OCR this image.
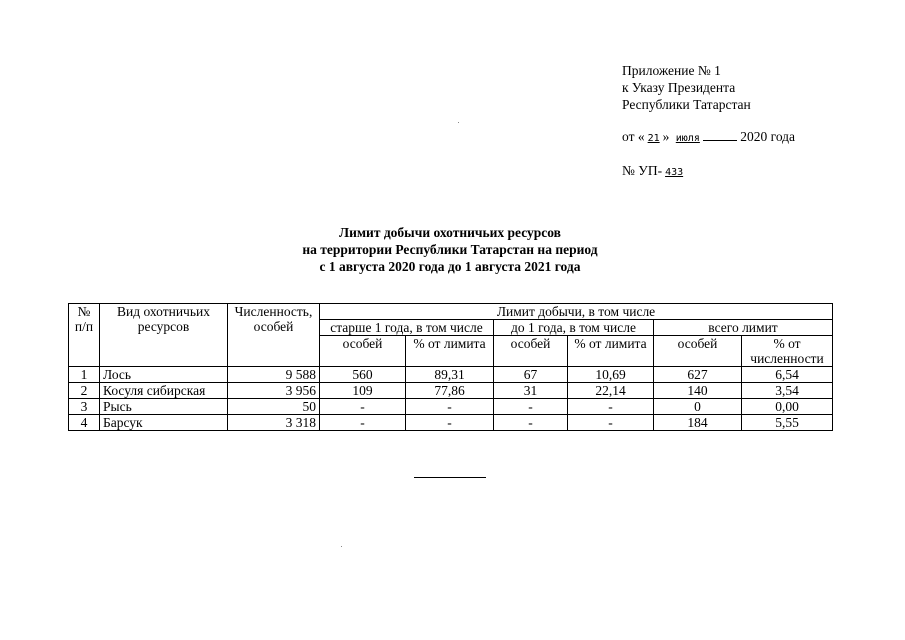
Приложение № 1
к Указу Президента
Республики Татарстан
от « 21 » июля	2020 года
№ УП- 433
Лимит добычи охотничьих ресурсов
на территории Республики Татарстан на период
с 1 августа 2020 года до 1 августа 2021 года
№ п/п	Вид охотничьих ресурсов	Численность, особей	Лимит добычи, в том числе					
			старше 1 года, в том числе		до 1 года, в том числе		всего лимит	
			особей	% от лимита	особей	% от лимита	особей	% от численности
1	Лось	9 588	560	89,31	67	10,69	627	6,54
2	Косуля сибирская	3 956	109	77,86	31	22,14	140	3,54
3	Рысь	50	-	-	-	-	0	0,00
4	Барсук	3 318	-	-	-	-	184	5,55
